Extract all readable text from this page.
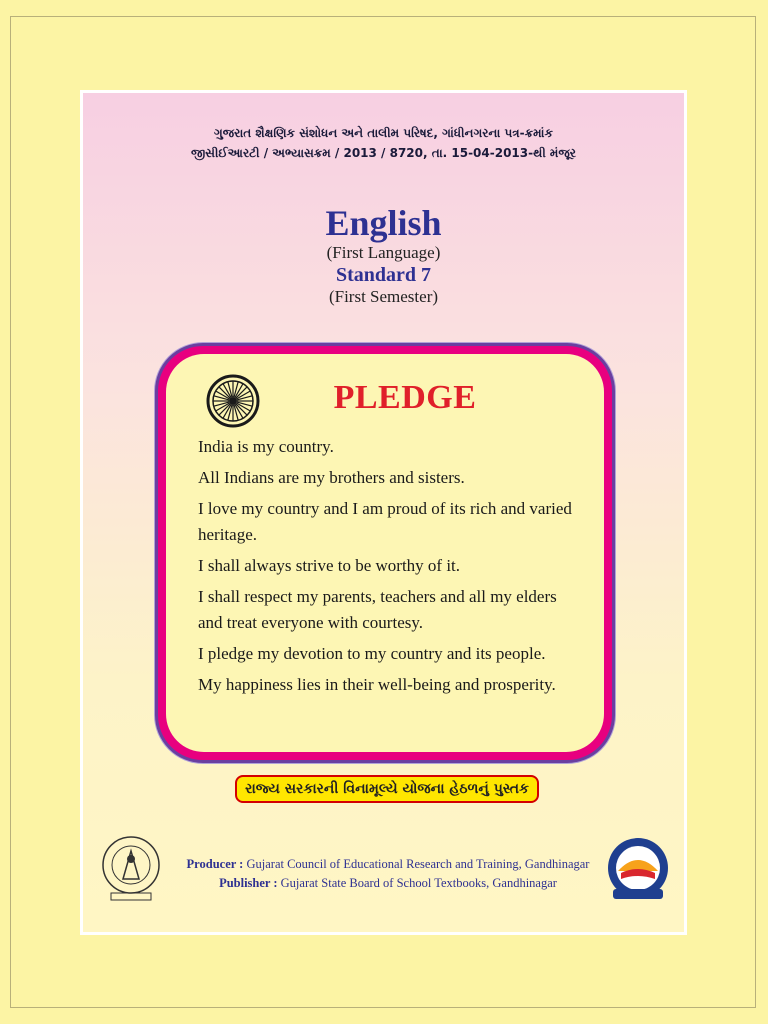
ગુજરાત શૈક્ષણિક સંશોધન અને તાલીમ પરિષદ, ગાંધીનગરના પત્ર-ક્રમાંક
જીસીઈઆરટી / અભ્યાસક્રમ / 2013 / 8720, તા. 15-04-2013-થી મંજૂર
English
(First Language)
Standard 7
(First Semester)
PLEDGE
India is my country.
All Indians are my brothers and sisters.
I love my country and I am proud of its rich and varied heritage.
I shall always strive to be worthy of it.
I shall respect my parents, teachers and all my elders and treat everyone with courtesy.
I pledge my devotion to my country and its people.
My happiness lies in their well-being and prosperity.
રાજ્ય સરકારની વિનામૂલ્યે યોજના હેઠળનું પુસ્તક
Producer : Gujarat Council of Educational Research and Training, Gandhinagar
Publisher : Gujarat State Board of School Textbooks, Gandhinagar
